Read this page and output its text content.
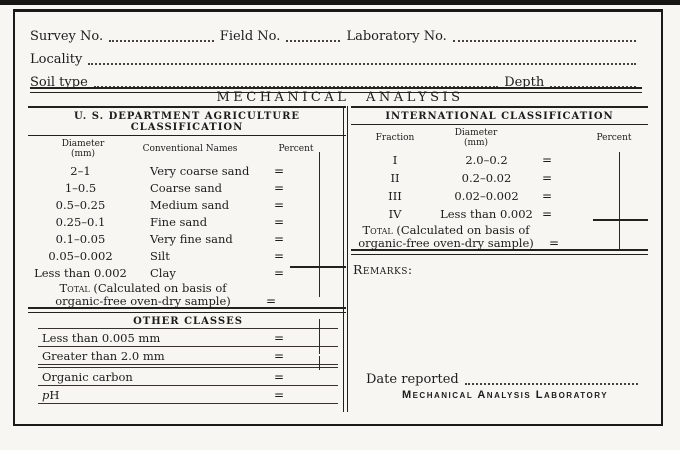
Survey No.	Field No.	Laboratory No.
Locality
Soil type	Depth
MECHANICAL ANALYSIS
U. S. DEPARTMENT AGRICULTURE CLASSIFICATION
Diameter
(mm)	Conventional Names	Percent
2–1	Very coarse sand	=
1–0.5	Coarse sand	=
0.5–0.25	Medium sand	=
0.25–0.1	Fine sand	=
0.1–0.05	Very fine sand	=
0.05–0.002	Silt	=
Less than 0.002	Clay	=
Total (Calculated on basis of
organic-free oven-dry sample)	=
OTHER CLASSES
Less than 0.005 mm	=
Greater than 2.0 mm	=
Organic carbon	=
pH	=
INTERNATIONAL CLASSIFICATION
Fraction	Diameter
(mm)	Percent
I	2.0–0.2	=
II	0.2–0.02	=
III	0.02–0.002	=
IV	Less than 0.002 =
Total (Calculated on basis of
organic-free oven-dry sample)	=
Remarks:
Date reported
Mechanical Analysis Laboratory
